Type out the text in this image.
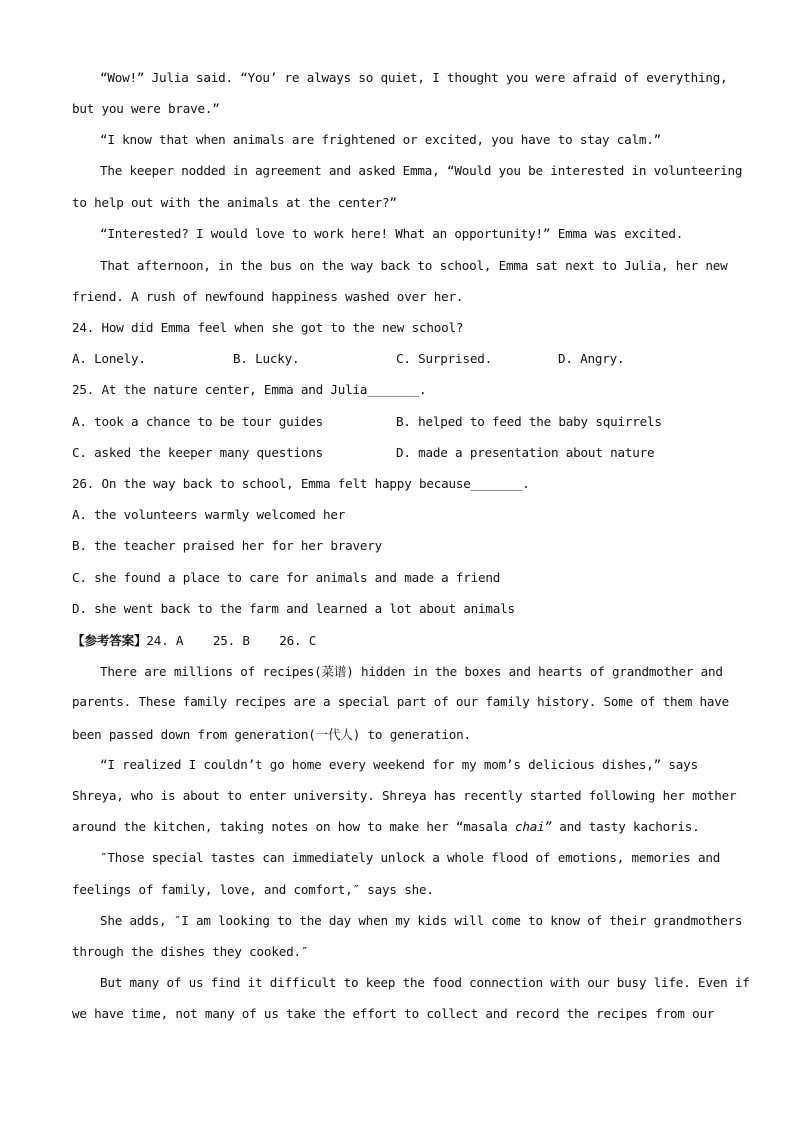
“Wow!” Julia said. “You’ re always so quiet, I thought you were afraid of everything,
but you were brave.”
“I know that when animals are frightened or excited, you have to stay calm.”
The keeper nodded in agreement and asked Emma, “Would you be interested in volunteering
to help out with the animals at the center?”
“Interested? I would love to work here! What an opportunity!” Emma was excited.
That afternoon, in the bus on the way back to school, Emma sat next to Julia, her new
friend. A rush of newfound happiness washed over her.
24. How did Emma feel when she got to the new school?
A. Lonely.	B. Lucky.	C. Surprised.	D. Angry.
25. At the nature center, Emma and Julia_______.
A. took a chance to be tour guides	B. helped to feed the baby squirrels
C. asked the keeper many questions	D. made a presentation about nature
26. On the way back to school, Emma felt happy because_______.
A. the volunteers warmly welcomed her
B. the teacher praised her for her bravery
C. she found a place to care for animals and made a friend
D. she went back to the farm and learned a lot about animals
【参考答案】24. A    25. B    26. C
There are millions of recipes(菜谱) hidden in the boxes and hearts of grandmother and
parents. These family recipes are a special part of our family history. Some of them have
been passed down from generation(一代人) to generation.
“I realized I couldn’t go home every weekend for my mom’s delicious dishes,” says
Shreya, who is about to enter university. Shreya has recently started following her mother
around the kitchen, taking notes on how to make her “masala chai” and tasty kachoris.
″Those special tastes can immediately unlock a whole flood of emotions, memories and
feelings of family, love, and comfort,″ says she.
She adds, ″I am looking to the day when my kids will come to know of their grandmothers
through the dishes they cooked.″
But many of us find it difficult to keep the food connection with our busy life. Even if
we have time, not many of us take the effort to collect and record the recipes from our
